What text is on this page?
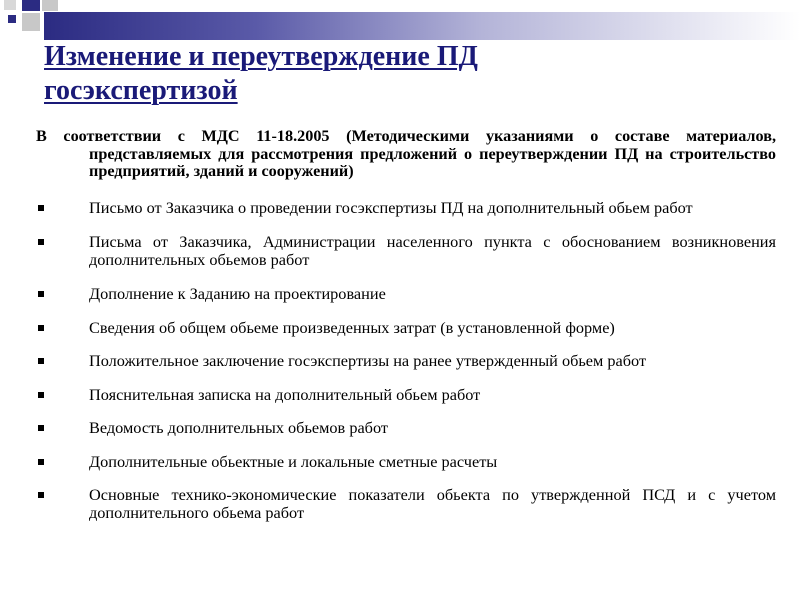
Изменение и переутверждение ПД
госэкспертизой

В соответствии с МДС 11-18.2005 (Методическими указаниями о составе материалов, представляемых для рассмотрения предложений о переутверждении ПД на строительство предприятий, зданий и сооружений)

Письмо от Заказчика о проведении госэкспертизы ПД на дополнительный обьем работ
Письма от Заказчика, Администрации населенного пункта с обоснованием возникновения дополнительных обьемов работ
Дополнение к Заданию на проектирование
Сведения об общем обьеме произведенных затрат (в установленной форме)
Положительное заключение госэкспертизы на ранее утвержденный обьем работ
Пояснительная записка на дополнительный обьем работ
Ведомость дополнительных обьемов работ
Дополнительные обьектные и локальные сметные расчеты
Основные технико-экономические показатели обьекта по утвержденной ПСД и с учетом дополнительного обьема работ
